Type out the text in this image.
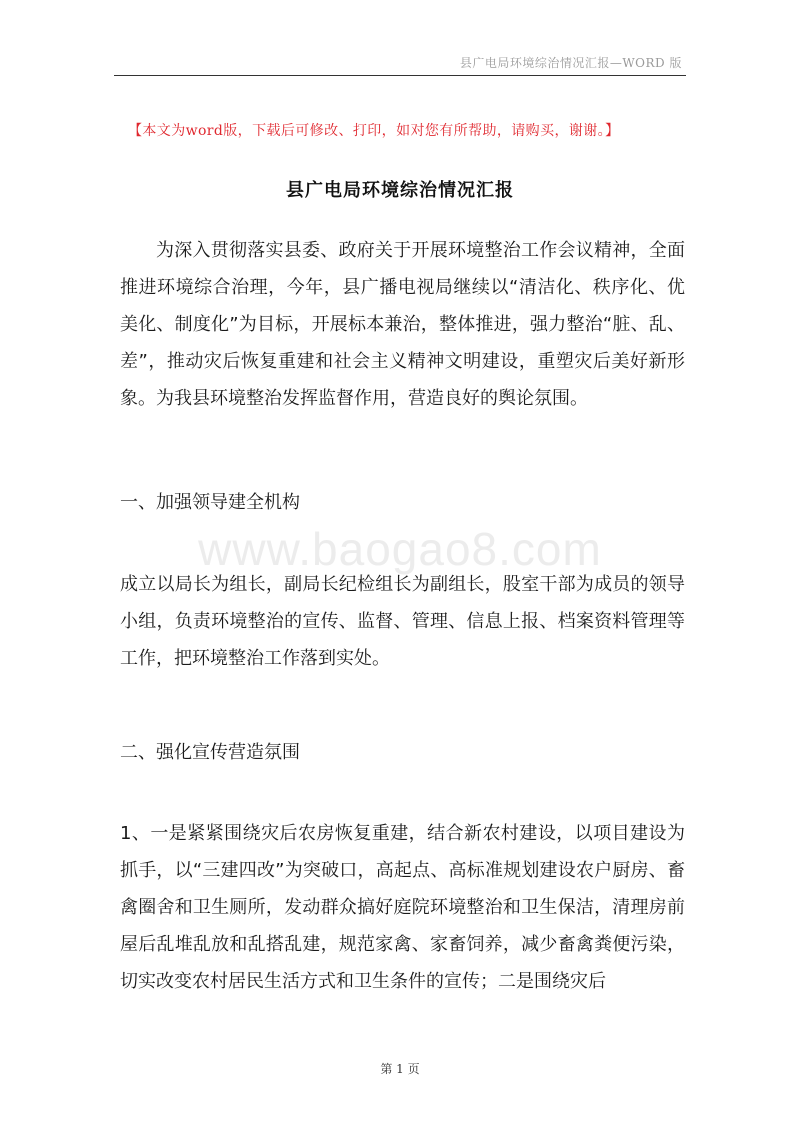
县广电局环境综治情况汇报—WORD 版
【本文为word版，下载后可修改、打印，如对您有所帮助，请购买，谢谢。】
县广电局环境综治情况汇报

为深入贯彻落实县委、政府关于开展环境整治工作会议精神，全面推进环境综合治理，今年，县广播电视局继续以“清洁化、秩序化、优美化、制度化”为目标，开展标本兼治，整体推进，强力整治“脏、乱、差”，推动灾后恢复重建和社会主义精神文明建设，重塑灾后美好新形象。为我县环境整治发挥监督作用，营造良好的舆论氛围。

一、加强领导建全机构
www.baogao8.com

成立以局长为组长，副局长纪检组长为副组长，股室干部为成员的领导小组，负责环境整治的宣传、监督、管理、信息上报、档案资料管理等工作，把环境整治工作落到实处。

二、强化宣传营造氛围

1、一是紧紧围绕灾后农房恢复重建，结合新农村建设，以项目建设为抓手，以“三建四改”为突破口，高起点、高标准规划建设农户厨房、畜禽圈舍和卫生厕所，发动群众搞好庭院环境整治和卫生保洁，清理房前屋后乱堆乱放和乱搭乱建，规范家禽、家畜饲养，减少畜禽粪便污染，切实改变农村居民生活方式和卫生条件的宣传；二是围绕灾后

第 1 页
